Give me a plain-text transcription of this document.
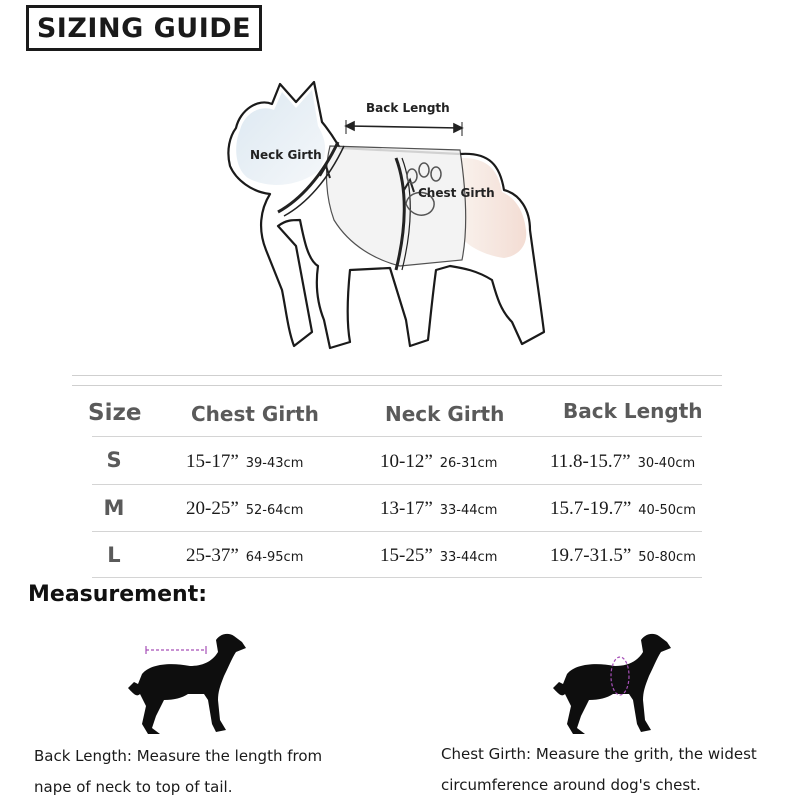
SIZING GUIDE
Back Length
Neck Girth
Chest Girth
Size Chest Girth	Neck Girth	Back Length
S	15-17” 39-43cm	10-12” 26-31cm	11.8-15.7” 30-40cm
M	20-25” 52-64cm	13-17” 33-44cm	15.7-19.7” 40-50cm
L	25-37” 64-95cm	15-25” 33-44cm	19.7-31.5” 50-80cm
Measurement:
Back Length: Measure the length from
nape of neck to top of tail.
Chest Girth: Measure the grith, the widest
circumference around dog's chest.
